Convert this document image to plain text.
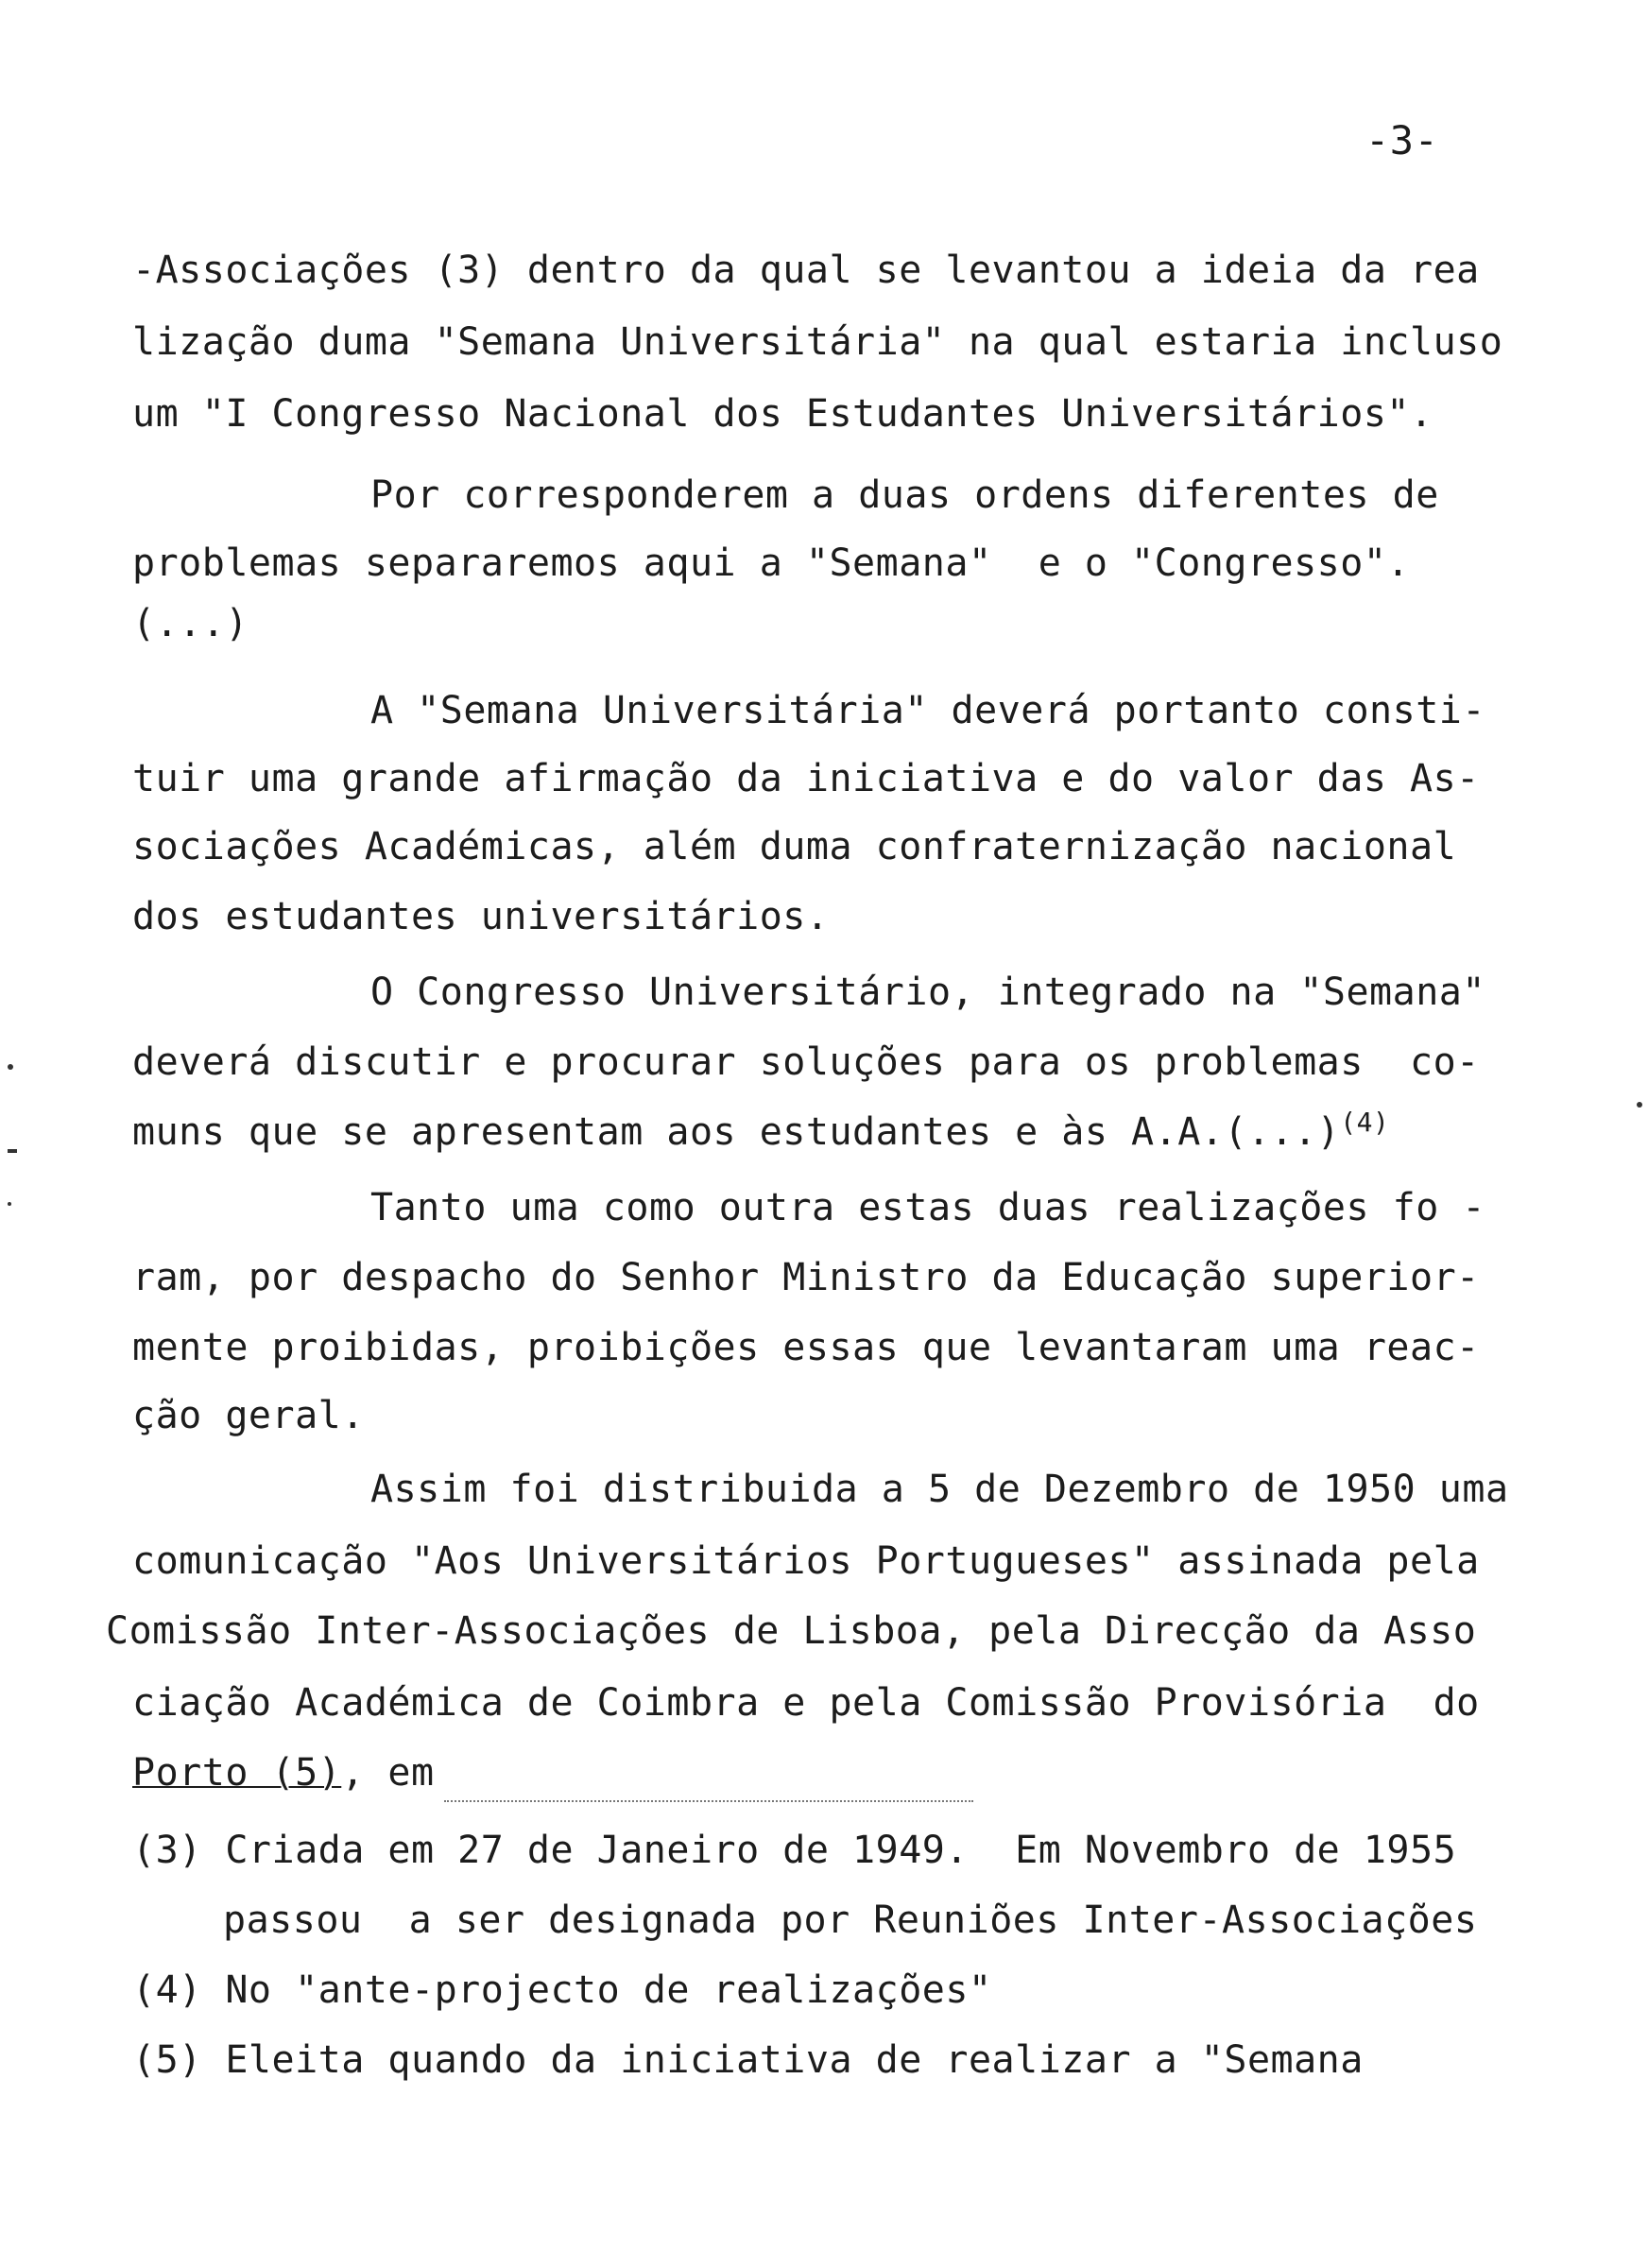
-3-
-Associações (3) dentro da qual se levantou a ideia da rea
lização duma "Semana Universitária" na qual estaria incluso
um "I Congresso Nacional dos Estudantes Universitários".
Por corresponderem a duas ordens diferentes de
problemas separaremos aqui a "Semana"  e o "Congresso".
(...)
A "Semana Universitária" deverá portanto consti-
tuir uma grande afirmação da iniciativa e do valor das As-
sociações Académicas, além duma confraternização nacional
dos estudantes universitários.
O Congresso Universitário, integrado na "Semana"
deverá discutir e procurar soluções para os problemas  co-
muns que se apresentam aos estudantes e às A.A.(...)$^{(4)}$
Tanto uma como outra estas duas realizações fo -
ram, por despacho do Senhor Ministro da Educação superior-
mente proibidas, proibições essas que levantaram uma reac-
ção geral.
Assim foi distribuida a 5 de Dezembro de 1950 uma
comunicação "Aos Universitários Portugueses" assinada pela
Comissão Inter-Associações de Lisboa, pela Direcção da Asso
ciação Académica de Coimbra e pela Comissão Provisória  do
Porto (5), em
(3) Criada em 27 de Janeiro de 1949.  Em Novembro de 1955
passou  a ser designada por Reuniões Inter-Associações
(4) No "ante-projecto de realizações"
(5) Eleita quando da iniciativa de realizar a "Semana
